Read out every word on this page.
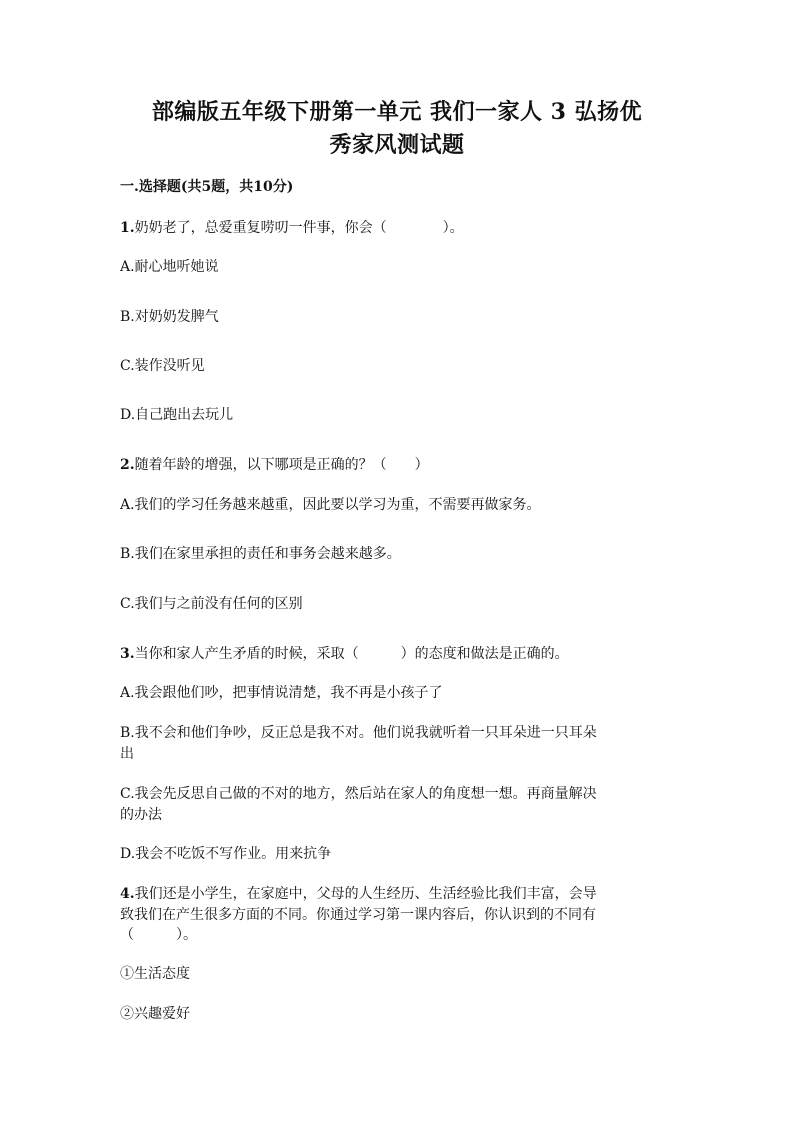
部编版五年级下册第一单元 我们一家人 3 弘扬优
秀家风测试题
一.选择题(共5题，共10分)
1.奶奶老了，总爱重复唠叨一件事，你会（　　　　）。
A.耐心地听她说
B.对奶奶发脾气
C.装作没听见
D.自己跑出去玩儿
2.随着年龄的增强，以下哪项是正确的？（　　）
A.我们的学习任务越来越重，因此要以学习为重，不需要再做家务。
B.我们在家里承担的责任和事务会越来越多。
C.我们与之前没有任何的区别
3.当你和家人产生矛盾的时候，采取（　　　）的态度和做法是正确的。
A.我会跟他们吵，把事情说清楚，我不再是小孩子了
B.我不会和他们争吵，反正总是我不对。他们说我就听着一只耳朵进一只耳朵
出
C.我会先反思自己做的不对的地方，然后站在家人的角度想一想。再商量解决
的办法
D.我会不吃饭不写作业。用来抗争
4.我们还是小学生，在家庭中，父母的人生经历、生活经验比我们丰富，会导
致我们在产生很多方面的不同。你通过学习第一课内容后，你认识到的不同有
（　　　）。
①生活态度
②兴趣爱好
